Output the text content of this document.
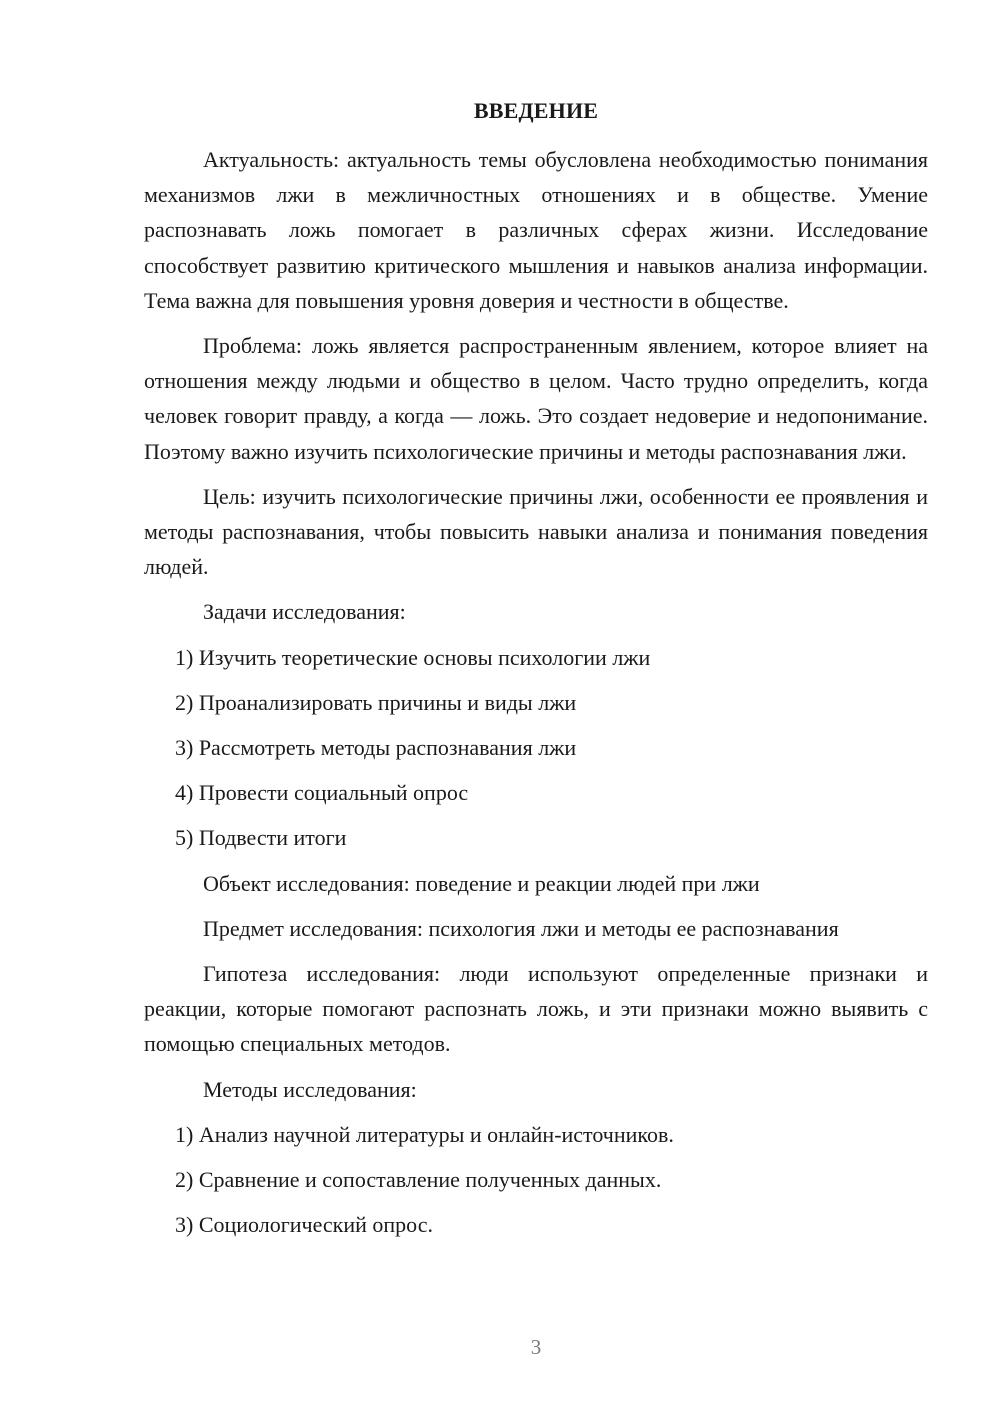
ВВЕДЕНИЕ

Актуальность: актуальность темы обусловлена необходимостью понимания механизмов лжи в межличностных отношениях и в обществе. Умение распознавать ложь помогает в различных сферах жизни. Исследование способствует развитию критического мышления и навыков анализа информации. Тема важна для повышения уровня доверия и честности в обществе.

Проблема: ложь является распространенным явлением, которое влияет на отношения между людьми и общество в целом. Часто трудно определить, когда человек говорит правду, а когда — ложь. Это создает недоверие и недопонимание. Поэтому важно изучить психологические причины и методы распознавания лжи.

Цель: изучить психологические причины лжи, особенности ее проявления и методы распознавания, чтобы повысить навыки анализа и понимания поведения людей.

Задачи исследования:

1) Изучить теоретические основы психологии лжи

2) Проанализировать причины и виды лжи

3) Рассмотреть методы распознавания лжи

4) Провести социальный опрос

5) Подвести итоги

Объект исследования: поведение и реакции людей при лжи

Предмет исследования: психология лжи и методы ее распознавания

Гипотеза исследования: люди используют определенные признаки и реакции, которые помогают распознать ложь, и эти признаки можно выявить с помощью специальных методов.

Методы исследования:

1) Анализ научной литературы и онлайн-источников.

2) Сравнение и сопоставление полученных данных.

3) Социологический опрос.

3
